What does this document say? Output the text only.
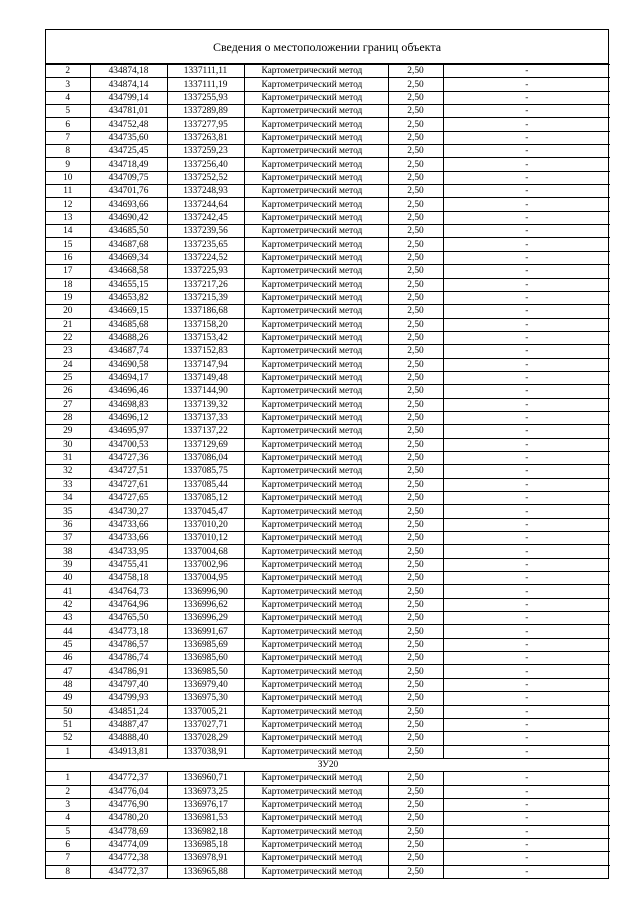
Сведения о местоположении границ объекта
2	434874,18	1337111,11	Картометрический метод	2,50	-
3	434874,14	1337111,19	Картометрический метод	2,50	-
4	434799,14	1337255,93	Картометрический метод	2,50	-
5	434781,01	1337289,89	Картометрический метод	2,50	-
6	434752,48	1337277,95	Картометрический метод	2,50	-
7	434735,60	1337263,81	Картометрический метод	2,50	-
8	434725,45	1337259,23	Картометрический метод	2,50	-
9	434718,49	1337256,40	Картометрический метод	2,50	-
10	434709,75	1337252,52	Картометрический метод	2,50	-
11	434701,76	1337248,93	Картометрический метод	2,50	-
12	434693,66	1337244,64	Картометрический метод	2,50	-
13	434690,42	1337242,45	Картометрический метод	2,50	-
14	434685,50	1337239,56	Картометрический метод	2,50	-
15	434687,68	1337235,65	Картометрический метод	2,50	-
16	434669,34	1337224,52	Картометрический метод	2,50	-
17	434668,58	1337225,93	Картометрический метод	2,50	-
18	434655,15	1337217,26	Картометрический метод	2,50	-
19	434653,82	1337215,39	Картометрический метод	2,50	-
20	434669,15	1337186,68	Картометрический метод	2,50	-
21	434685,68	1337158,20	Картометрический метод	2,50	-
22	434688,26	1337153,42	Картометрический метод	2,50	-
23	434687,74	1337152,83	Картометрический метод	2,50	-
24	434690,58	1337147,94	Картометрический метод	2,50	-
25	434694,17	1337149,48	Картометрический метод	2,50	-
26	434696,46	1337144,90	Картометрический метод	2,50	-
27	434698,83	1337139,32	Картометрический метод	2,50	-
28	434696,12	1337137,33	Картометрический метод	2,50	-
29	434695,97	1337137,22	Картометрический метод	2,50	-
30	434700,53	1337129,69	Картометрический метод	2,50	-
31	434727,36	1337086,04	Картометрический метод	2,50	-
32	434727,51	1337085,75	Картометрический метод	2,50	-
33	434727,61	1337085,44	Картометрический метод	2,50	-
34	434727,65	1337085,12	Картометрический метод	2,50	-
35	434730,27	1337045,47	Картометрический метод	2,50	-
36	434733,66	1337010,20	Картометрический метод	2,50	-
37	434733,66	1337010,12	Картометрический метод	2,50	-
38	434733,95	1337004,68	Картометрический метод	2,50	-
39	434755,41	1337002,96	Картометрический метод	2,50	-
40	434758,18	1337004,95	Картометрический метод	2,50	-
41	434764,73	1336996,90	Картометрический метод	2,50	-
42	434764,96	1336996,62	Картометрический метод	2,50	-
43	434765,50	1336996,29	Картометрический метод	2,50	-
44	434773,18	1336991,67	Картометрический метод	2,50	-
45	434786,57	1336985,69	Картометрический метод	2,50	-
46	434786,74	1336985,60	Картометрический метод	2,50	-
47	434786,91	1336985,50	Картометрический метод	2,50	-
48	434797,40	1336979,40	Картометрический метод	2,50	-
49	434799,93	1336975,30	Картометрический метод	2,50	-
50	434851,24	1337005,21	Картометрический метод	2,50	-
51	434887,47	1337027,71	Картометрический метод	2,50	-
52	434888,40	1337028,29	Картометрический метод	2,50	-
1	434913,81	1337038,91	Картометрический метод	2,50	-
ЗУ20					
1	434772,37	1336960,71	Картометрический метод	2,50	-
2	434776,04	1336973,25	Картометрический метод	2,50	-
3	434776,90	1336976,17	Картометрический метод	2,50	-
4	434780,20	1336981,53	Картометрический метод	2,50	-
5	434778,69	1336982,18	Картометрический метод	2,50	-
6	434774,09	1336985,18	Картометрический метод	2,50	-
7	434772,38	1336978,91	Картометрический метод	2,50	-
8	434772,37	1336965,88	Картометрический метод	2,50	-
